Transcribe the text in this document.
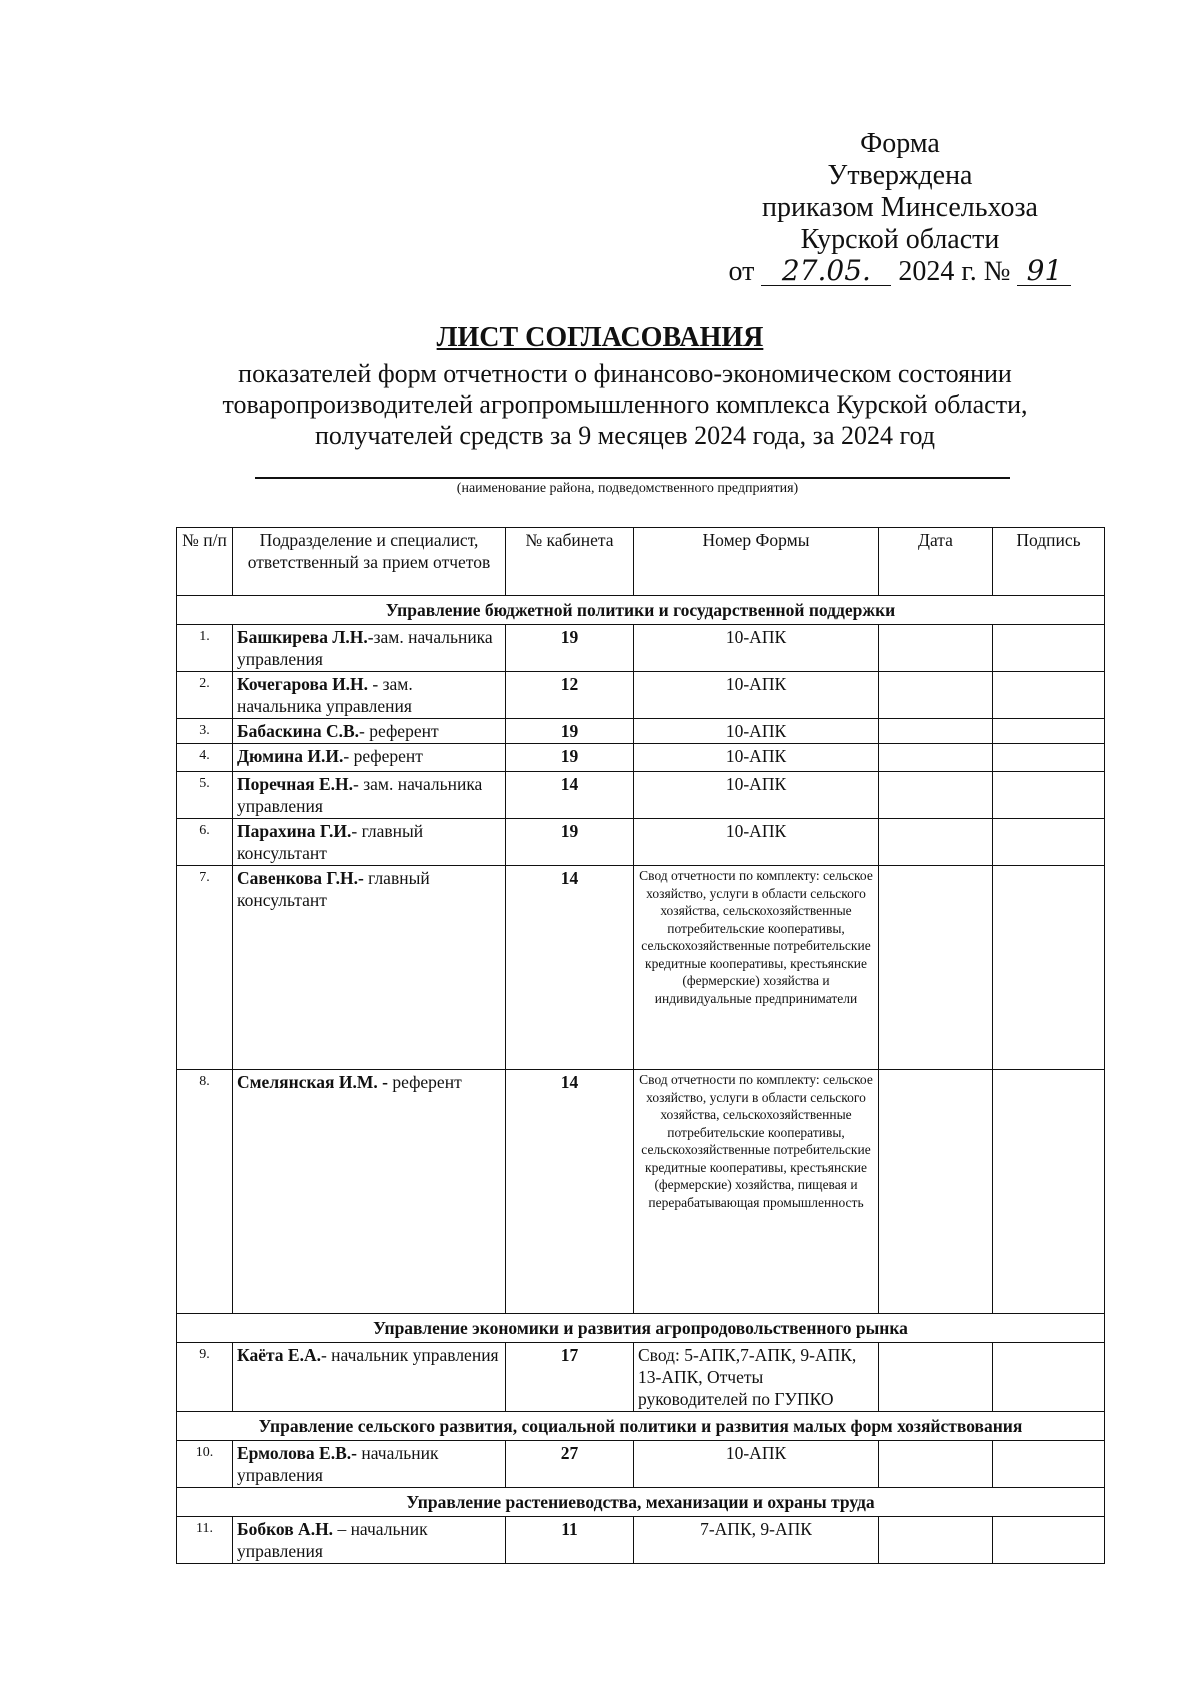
Форма
Утверждена
приказом Минсельхоза
Курской области
от 27.05. 2024 г. № 91
ЛИСТ СОГЛАСОВАНИЯ
показателей форм отчетности о финансово-экономическом состоянии товаропроизводителей агропромышленного комплекса Курской области, получателей средств за 9 месяцев 2024 года, за 2024 год
(наименование района, подведомственного предприятия)
№ п/п	Подразделение и специалист, ответственный за прием отчетов	№ кабинета	Номер Формы	Дата	Подпись
Управление бюджетной политики и государственной поддержки					
1.	Башкирева Л.Н.-зам. начальника управления	19	10-АПК		
2.	Кочегарова И.Н. - зам. начальника управления	12	10-АПК		
3.	Бабаскина С.В.- референт	19	10-АПК		
4.	Дюмина И.И.- референт	19	10-АПК		
5.	Поречная Е.Н.- зам. начальника управления	14	10-АПК		
6.	Парахина Г.И.- главный консультант	19	10-АПК		
7.	Савенкова Г.Н.- главный консультант	14	Свод отчетности по комплекту: сельское хозяйство, услуги в области сельского хозяйства, сельскохозяйственные потребительские кооперативы, сельскохозяйственные потребительские кредитные кооперативы, крестьянские (фермерские) хозяйства и индивидуальные предприниматели		
8.	Смелянская И.М. - референт	14	Свод отчетности по комплекту: сельское хозяйство, услуги в области сельского хозяйства, сельскохозяйственные потребительские кооперативы, сельскохозяйственные потребительские кредитные кооперативы, крестьянские (фермерские) хозяйства, пищевая и перерабатывающая промышленность		
Управление экономики и развития агропродовольственного рынка					
9.	Каёта Е.А.- начальник управления	17	Свод: 5-АПК,7-АПК, 9-АПК, 13-АПК, Отчеты руководителей по ГУПКО		
Управление сельского развития, социальной политики и развития малых форм хозяйствования					
10.	Ермолова Е.В.- начальник управления	27	10-АПК		
Управление растениеводства, механизации и охраны труда					
11.	Бобков А.Н. – начальник управления	11	7-АПК, 9-АПК		
